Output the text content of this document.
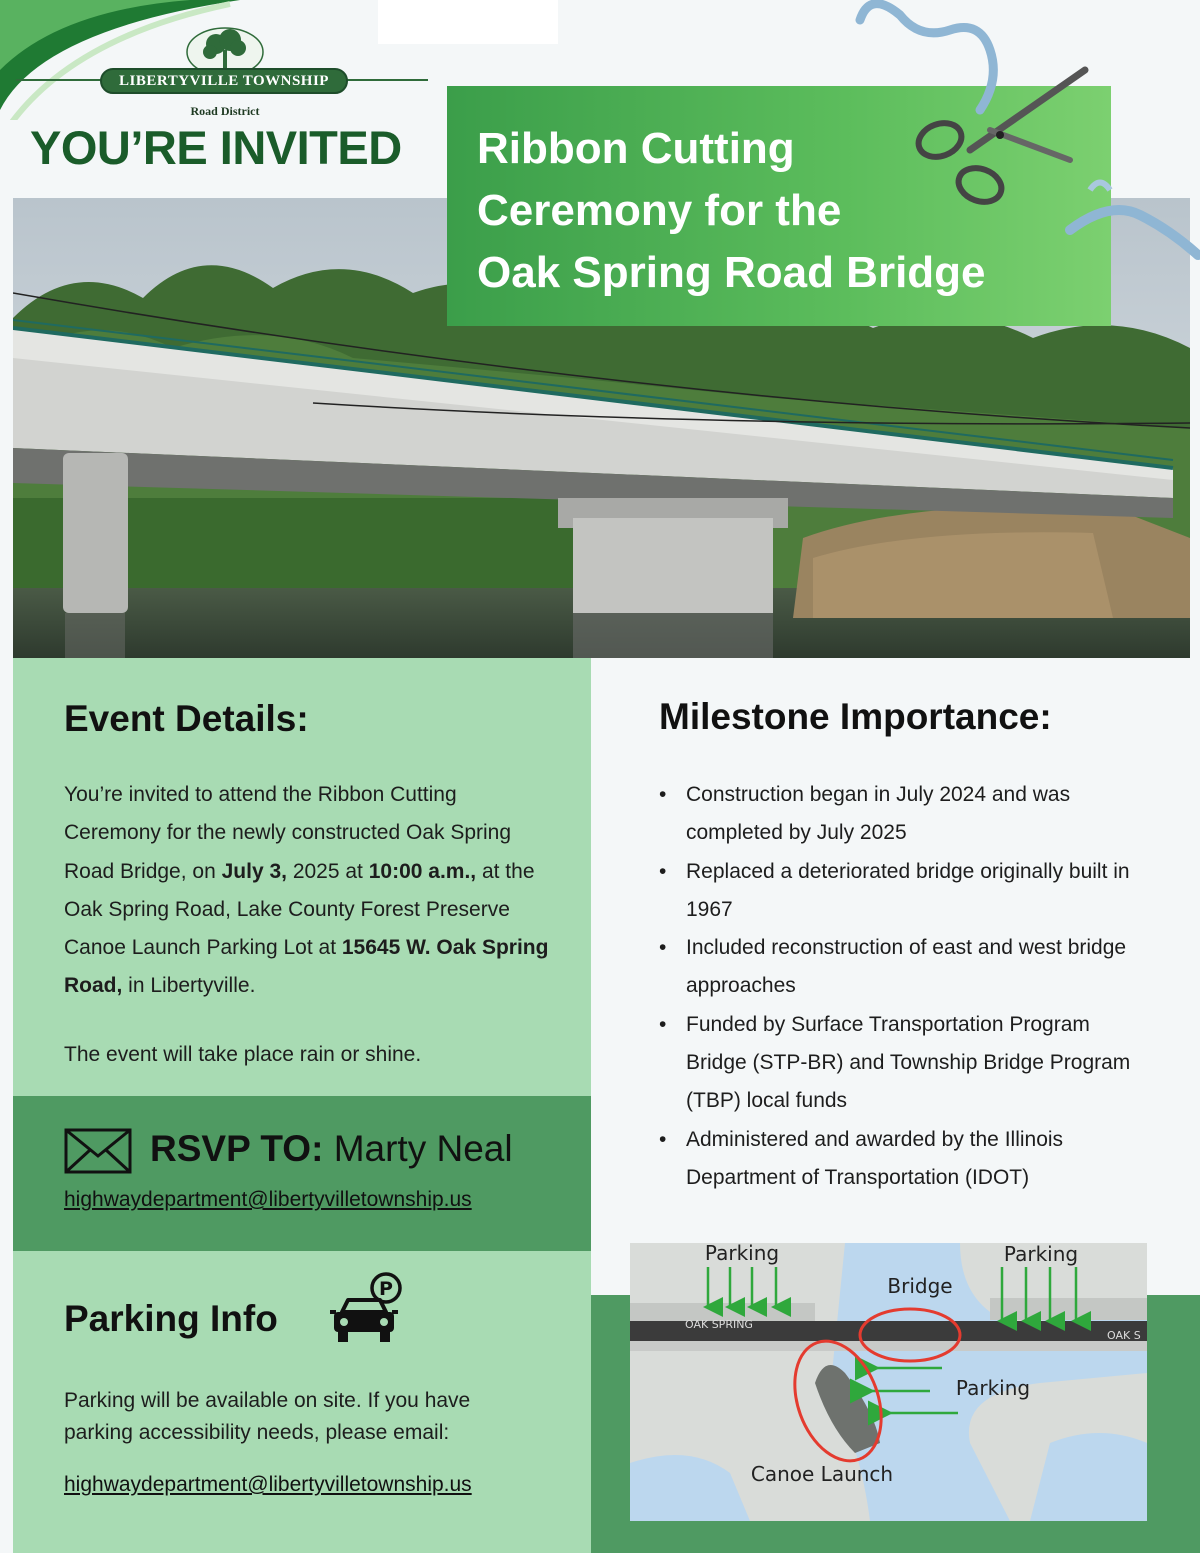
LIBERTYVILLE TOWNSHIP
Road District
YOU’RE INVITED Ribbon Cutting
Ceremony for the
Oak Spring Road Bridge
Event Details:
You’re invited to attend the Ribbon Cutting Ceremony for the newly constructed Oak Spring Road Bridge, on July 3, 2025 at 10:00 a.m., at the Oak Spring Road, Lake County Forest Preserve Canoe Launch Parking Lot at 15645 W. Oak Spring Road, in Libertyville.
The event will take place rain or shine.
RSVP TO: Marty Neal
highwaydepartment@libertyvilletownship.us
Parking Info
P
Parking will be available on site. If you have parking accessibility needs, please email:
highwaydepartment@libertyvilletownship.us
Milestone Importance:
• Construction began in July 2024 and was completed by July 2025
• Replaced a deteriorated bridge originally built in 1967
• Included reconstruction of east and west bridge approaches
• Funded by Surface Transportation Program Bridge (STP-BR) and Township Bridge Program (TBP) local funds
• Administered and awarded by the Illinois Department of Transportation (IDOT)
OAK SPRING
OAK S
Parking	Parking
Bridge
Parking
Canoe Launch
